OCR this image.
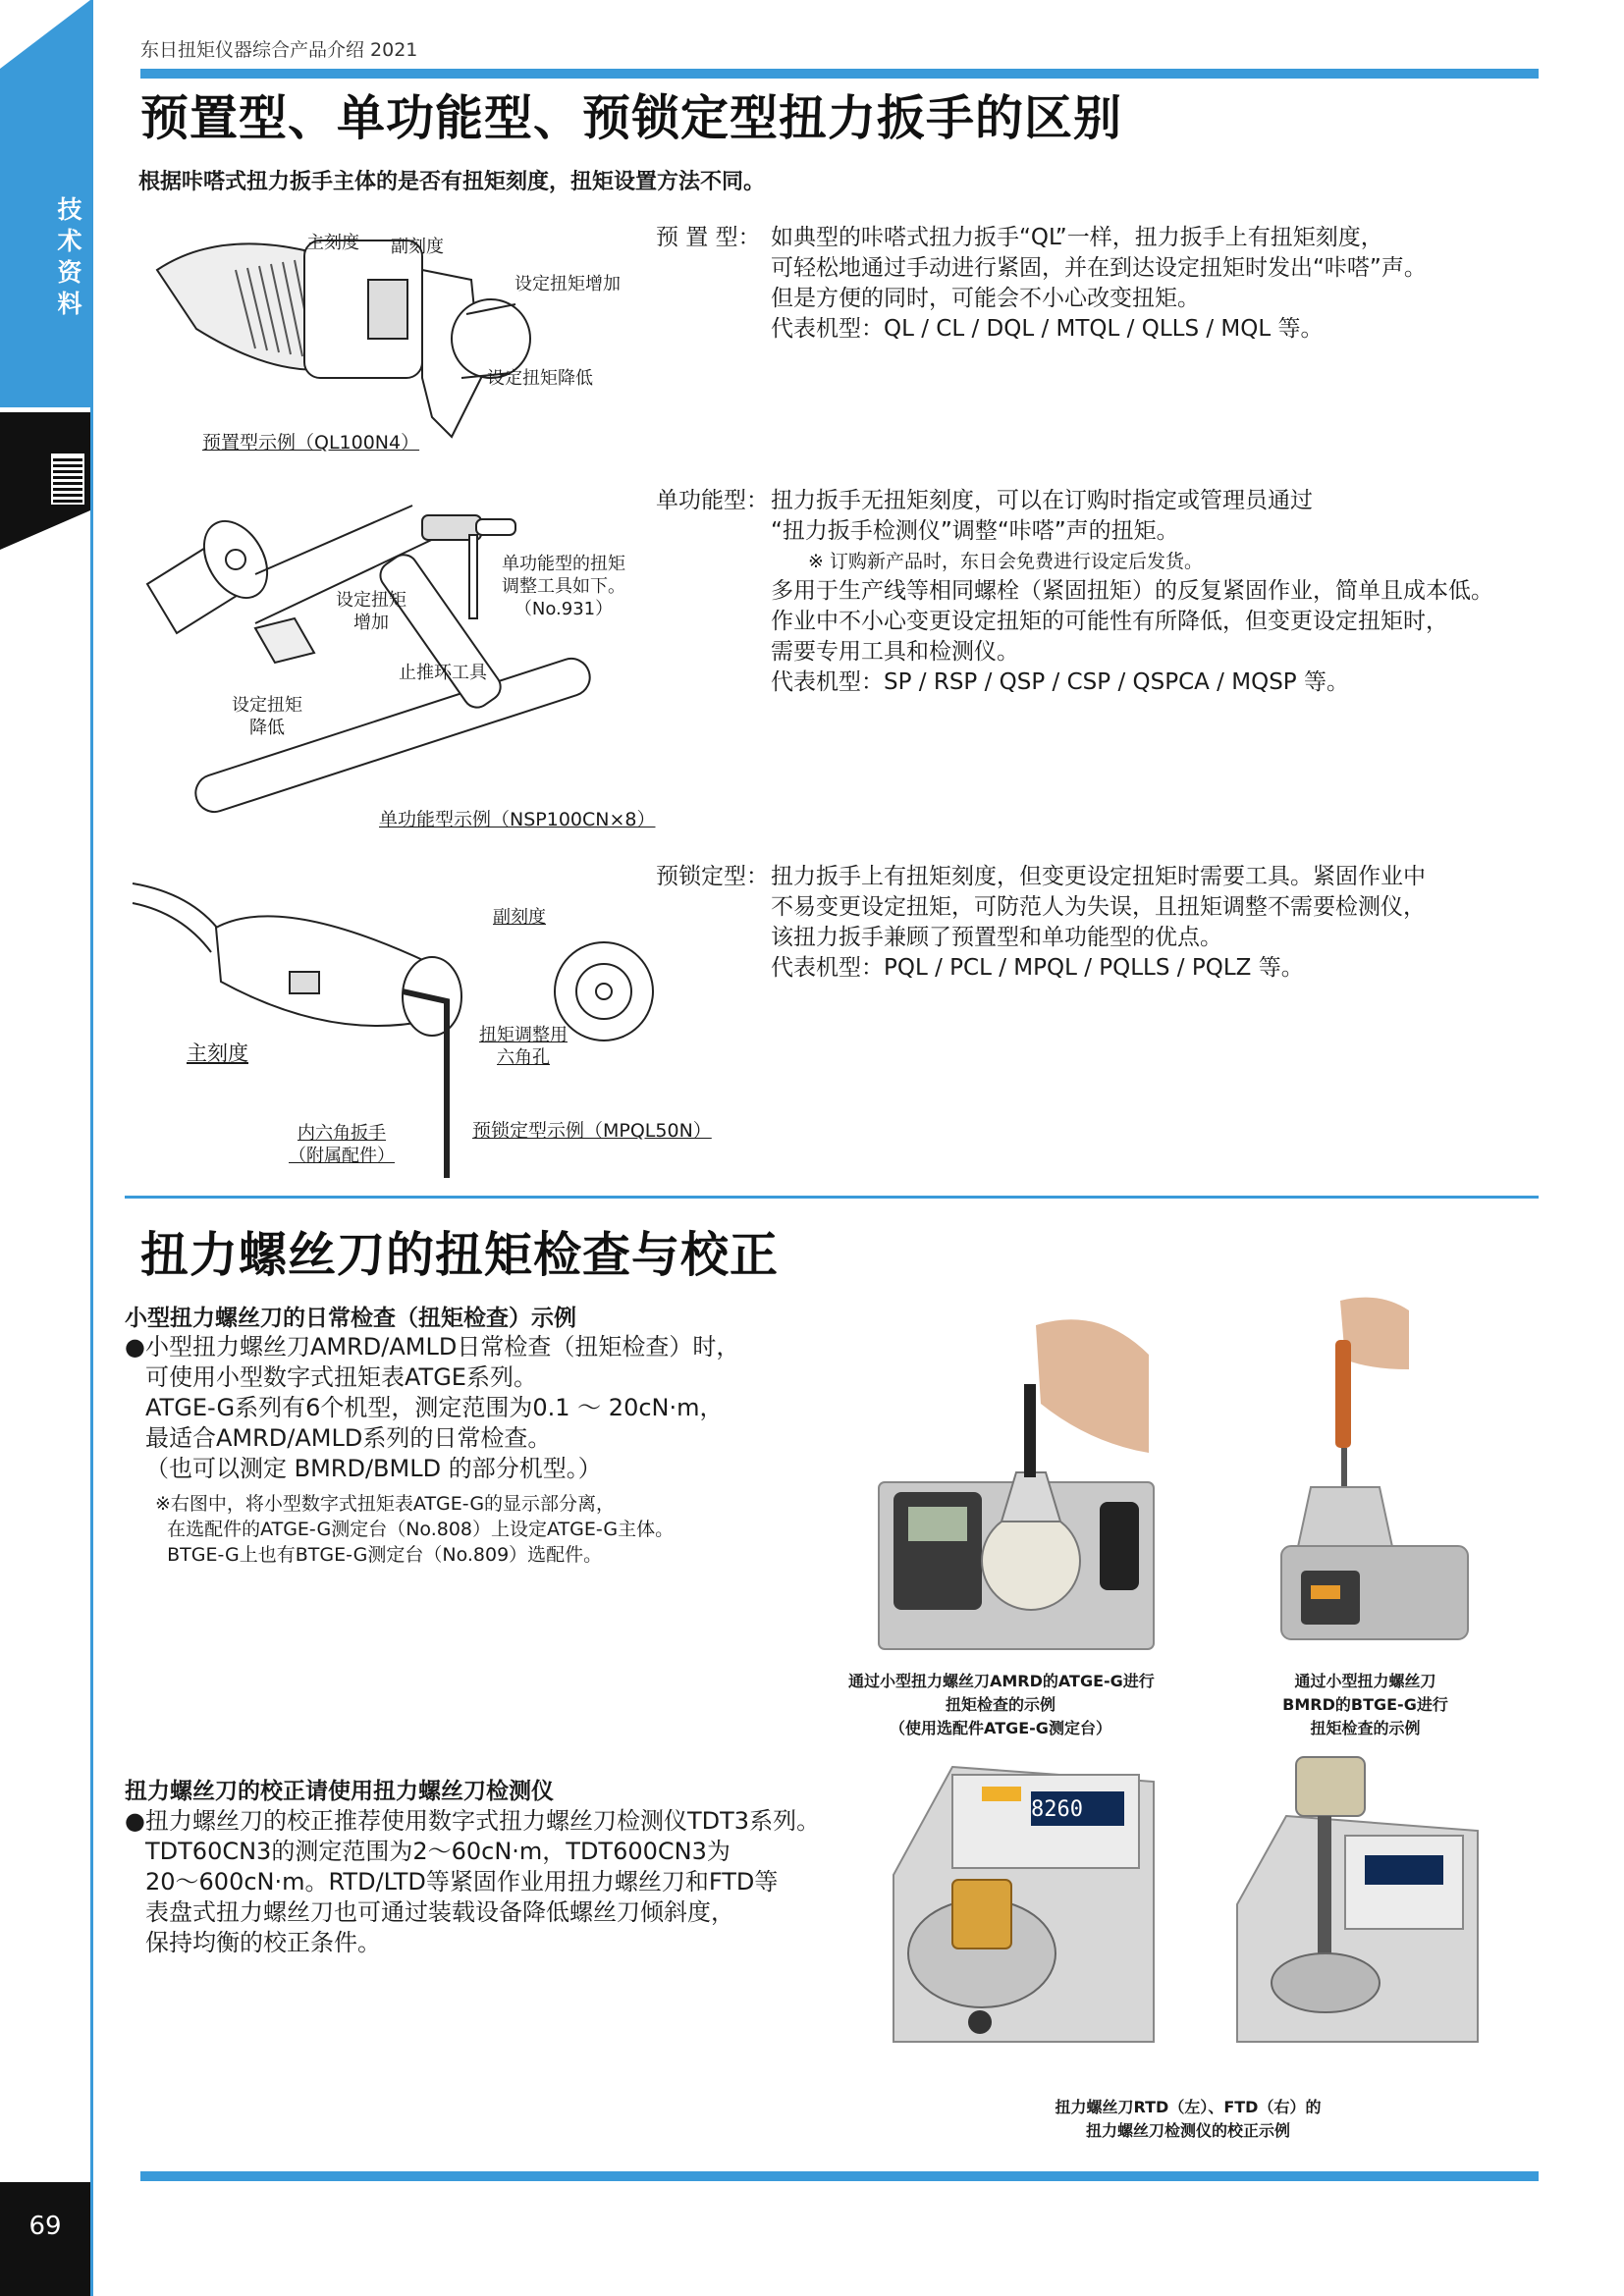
技术资料
69
东日扭矩仪器综合产品介绍 2021
预置型、单功能型、预锁定型扭力扳手的区别
根据咔嗒式扭力扳手主体的是否有扭矩刻度，扭矩设置方法不同。
主刻度 副刻度
设定扭矩增加
设定扭矩降低
预置型示例（QL100N4）
预 置 型： 如典型的咔嗒式扭力扳手“QL”一样，扭力扳手上有扭矩刻度，
可轻松地通过手动进行紧固，并在到达设定扭矩时发出“咔嗒”声。
但是方便的同时，可能会不小心改变扭矩。
代表机型：QL / CL / DQL / MTQL / QLLS / MQL 等。
单功能型的扭矩
调整工具如下。
（No.931）
设定扭矩
增加
止推环工具
设定扭矩
降低
单功能型示例（NSP100CN×8）
单功能型： 扭力扳手无扭矩刻度，可以在订购时指定或管理员通过
“扭力扳手检测仪”调整“咔嗒”声的扭矩。
※ 订购新产品时，东日会免费进行设定后发货。
多用于生产线等相同螺栓（紧固扭矩）的反复紧固作业，简单且成本低。
作业中不小心变更设定扭矩的可能性有所降低，但变更设定扭矩时，
需要专用工具和检测仪。
代表机型：SP / RSP / QSP / CSP / QSPCA / MQSP 等。
副刻度
扭矩调整用
六角孔
主刻度
内六角扳手
（附属配件）
预锁定型示例（MPQL50N）
预锁定型： 扭力扳手上有扭矩刻度，但变更设定扭矩时需要工具。紧固作业中
不易变更设定扭矩，可防范人为失误，且扭矩调整不需要检测仪，
该扭力扳手兼顾了预置型和单功能型的优点。
代表机型：PQL / PCL / MPQL / PQLLS / PQLZ 等。
扭力螺丝刀的扭矩检查与校正
小型扭力螺丝刀的日常检查（扭矩检查）示例
● 小型扭力螺丝刀AMRD/AMLD日常检查（扭矩检查）时，
可使用小型数字式扭矩表ATGE系列。
ATGE-G系列有6个机型，测定范围为0.1 ～ 20cN·m，
最适合AMRD/AMLD系列的日常检查。
（也可以测定 BMRD/BMLD 的部分机型。）
※右图中，将小型数字式扭矩表ATGE-G的显示部分离，
在选配件的ATGE-G测定台（No.808）上设定ATGE-G主体。
BTGE-G上也有BTGE-G测定台（No.809）选配件。
通过小型扭力螺丝刀AMRD的ATGE-G进行
扭矩检查的示例
（使用选配件ATGE-G测定台）
通过小型扭力螺丝刀
BMRD的BTGE-G进行
扭矩检查的示例
扭力螺丝刀的校正请使用扭力螺丝刀检测仪
● 扭力螺丝刀的校正推荐使用数字式扭力螺丝刀检测仪TDT3系列。
TDT60CN3的测定范围为2～60cN·m，TDT600CN3为
20～600cN·m。RTD/LTD等紧固作业用扭力螺丝刀和FTD等
表盘式扭力螺丝刀也可通过装载设备降低螺丝刀倾斜度，
保持均衡的校正条件。
8260
扭力螺丝刀RTD（左）、FTD（右）的
扭力螺丝刀检测仪的校正示例
